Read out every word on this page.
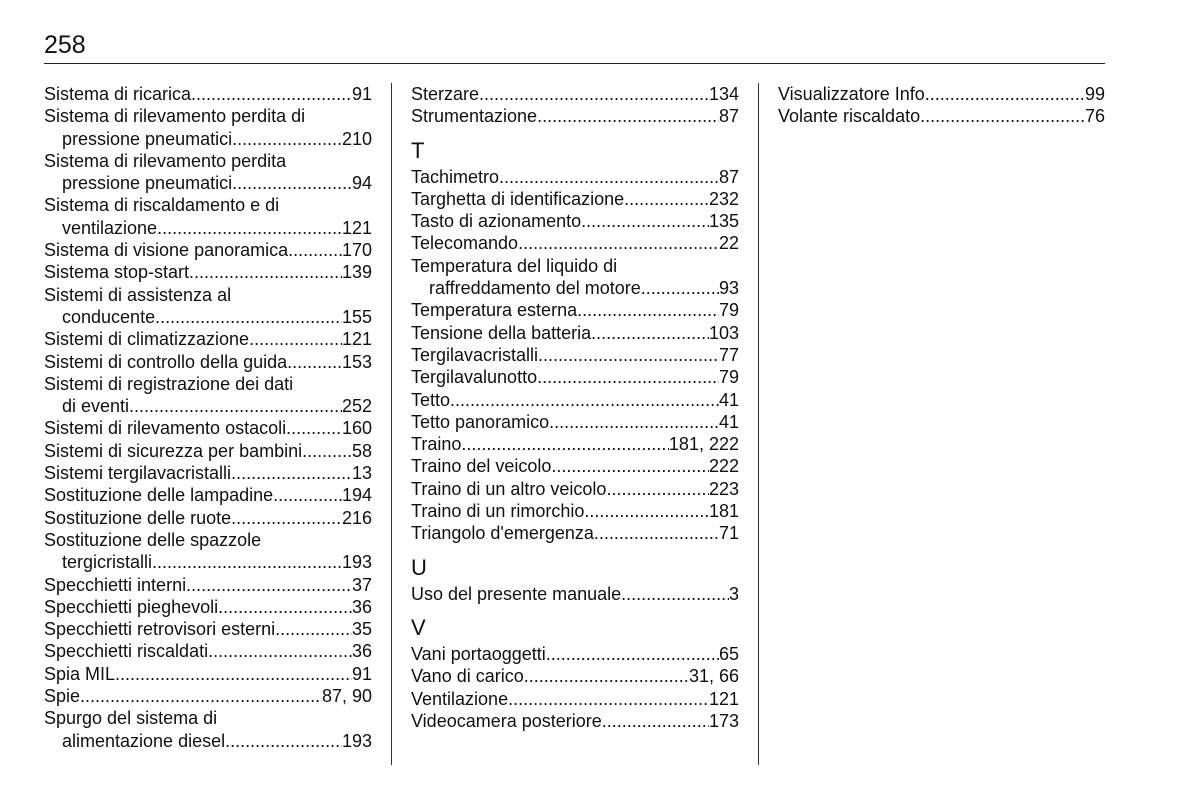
258
Sistema di ricarica .....	91
Sistema di rilevamento perdita di
pressione pneumatici .....	210
Sistema di rilevamento perdita
pressione pneumatici .....	94
Sistema di riscaldamento e di
ventilazione .....	121
Sistema di visione panoramica .....	170
Sistema stop-start .....	139
Sistemi di assistenza al
conducente .....	155
Sistemi di climatizzazione .....	121
Sistemi di controllo della guida .....	153
Sistemi di registrazione dei dati
di eventi .....	252
Sistemi di rilevamento ostacoli .....	160
Sistemi di sicurezza per bambini .....	58
Sistemi tergilavacristalli .....	13
Sostituzione delle lampadine .....	194
Sostituzione delle ruote .....	216
Sostituzione delle spazzole
tergicristalli .....	193
Specchietti interni .....	37
Specchietti pieghevoli .....	36
Specchietti retrovisori esterni .....	35
Specchietti riscaldati .....	36
Spia MIL .....	91
Spie .....	87, 90
Spurgo del sistema di
alimentazione diesel .....	193
Sterzare .....	134
Strumentazione .....	87
T
Tachimetro .....	87
Targhetta di identificazione .....	232
Tasto di azionamento .....	135
Telecomando .....	22
Temperatura del liquido di
raffreddamento del motore .....	93
Temperatura esterna .....	79
Tensione della batteria .....	103
Tergilavacristalli .....	77
Tergilavalunotto .....	79
Tetto .....	41
Tetto panoramico .....	41
Traino .....	181, 222
Traino del veicolo .....	222
Traino di un altro veicolo .....	223
Traino di un rimorchio .....	181
Triangolo d'emergenza .....	71
U
Uso del presente manuale .....	3
V
Vani portaoggetti .....	65
Vano di carico .....	31, 66
Ventilazione .....	121
Videocamera posteriore .....	173
Visualizzatore Info .....	99
Volante riscaldato .....	76
